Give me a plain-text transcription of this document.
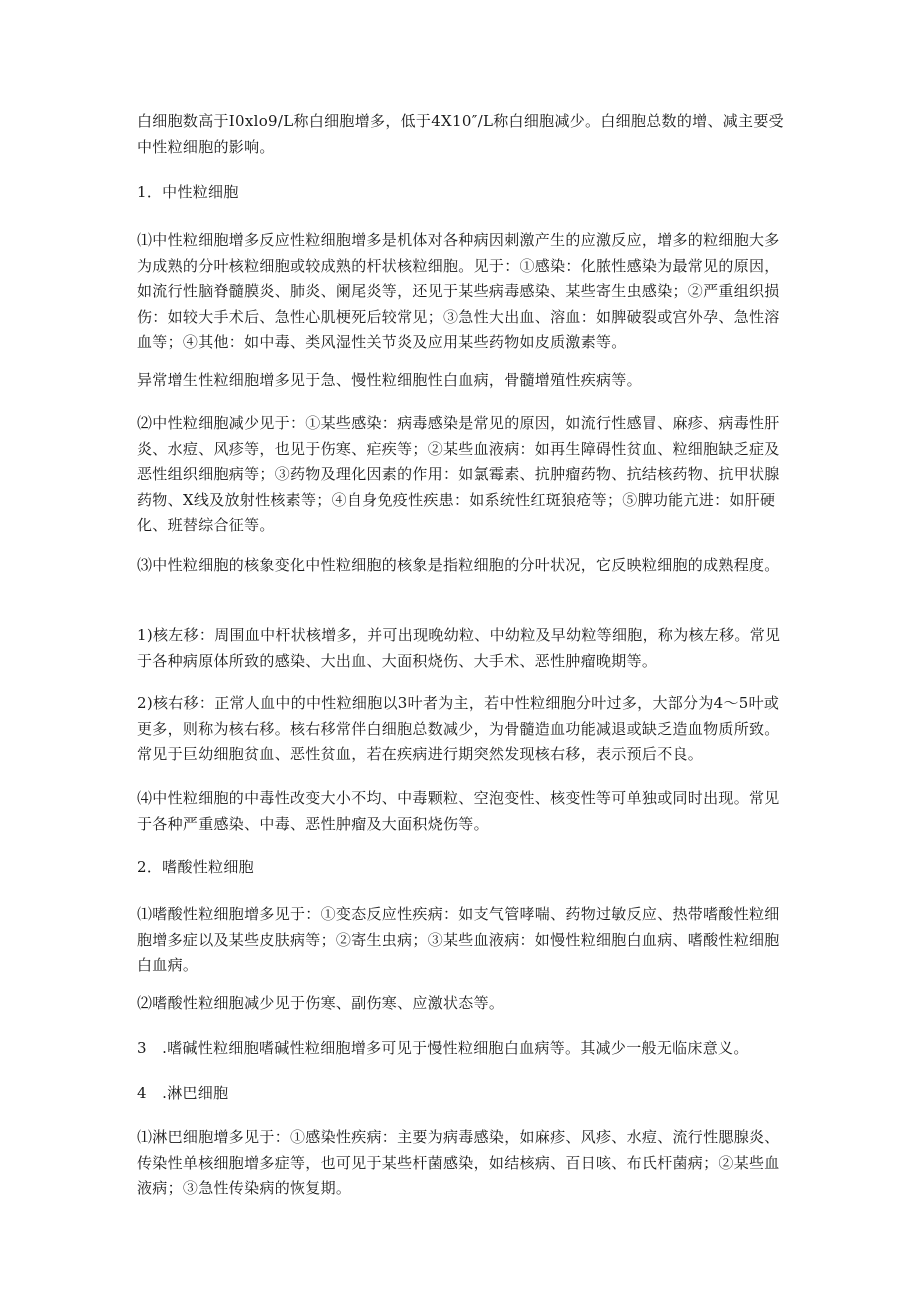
白细胞数高于I0xlo9/L称白细胞增多，低于4X10″/L称白细胞减少。白细胞总数的增、减主要受中性粒细胞的影响。

1．中性粒细胞

⑴中性粒细胞增多反应性粒细胞增多是机体对各种病因刺激产生的应激反应，增多的粒细胞大多为成熟的分叶核粒细胞或较成熟的杆状核粒细胞。见于：①感染：化脓性感染为最常见的原因，如流行性脑脊髓膜炎、肺炎、阑尾炎等，还见于某些病毒感染、某些寄生虫感染；②严重组织损伤：如较大手术后、急性心肌梗死后较常见；③急性大出血、溶血：如脾破裂或宫外孕、急性溶血等；④其他：如中毒、类风湿性关节炎及应用某些药物如皮质激素等。

异常增生性粒细胞增多见于急、慢性粒细胞性白血病，骨髓增殖性疾病等。

⑵中性粒细胞减少见于：①某些感染：病毒感染是常见的原因，如流行性感冒、麻疹、病毒性肝炎、水痘、风疹等，也见于伤寒、疟疾等；②某些血液病：如再生障碍性贫血、粒细胞缺乏症及恶性组织细胞病等；③药物及理化因素的作用：如氯霉素、抗肿瘤药物、抗结核药物、抗甲状腺药物、X线及放射性核素等；④自身免疫性疾患：如系统性红斑狼疮等；⑤脾功能亢进：如肝硬化、班替综合征等。

⑶中性粒细胞的核象变化中性粒细胞的核象是指粒细胞的分叶状况，它反映粒细胞的成熟程度。

1)核左移：周围血中杆状核增多，并可出现晚幼粒、中幼粒及早幼粒等细胞，称为核左移。常见于各种病原体所致的感染、大出血、大面积烧伤、大手术、恶性肿瘤晚期等。

2)核右移：正常人血中的中性粒细胞以3叶者为主，若中性粒细胞分叶过多，大部分为4～5叶或更多，则称为核右移。核右移常伴白细胞总数减少，为骨髓造血功能减退或缺乏造血物质所致。常见于巨幼细胞贫血、恶性贫血，若在疾病进行期突然发现核右移，表示预后不良。

⑷中性粒细胞的中毒性改变大小不均、中毒颗粒、空泡变性、核变性等可单独或同时出现。常见于各种严重感染、中毒、恶性肿瘤及大面积烧伤等。

2．嗜酸性粒细胞

⑴嗜酸性粒细胞增多见于：①变态反应性疾病：如支气管哮喘、药物过敏反应、热带嗜酸性粒细胞增多症以及某些皮肤病等；②寄生虫病；③某些血液病：如慢性粒细胞白血病、嗜酸性粒细胞白血病。

⑵嗜酸性粒细胞减少见于伤寒、副伤寒、应激状态等。

3　.嗜碱性粒细胞嗜碱性粒细胞增多可见于慢性粒细胞白血病等。其减少一般无临床意义。

4　.淋巴细胞

⑴淋巴细胞增多见于：①感染性疾病：主要为病毒感染，如麻疹、风疹、水痘、流行性腮腺炎、传染性单核细胞增多症等，也可见于某些杆菌感染，如结核病、百日咳、布氏杆菌病；②某些血液病；③急性传染病的恢复期。
